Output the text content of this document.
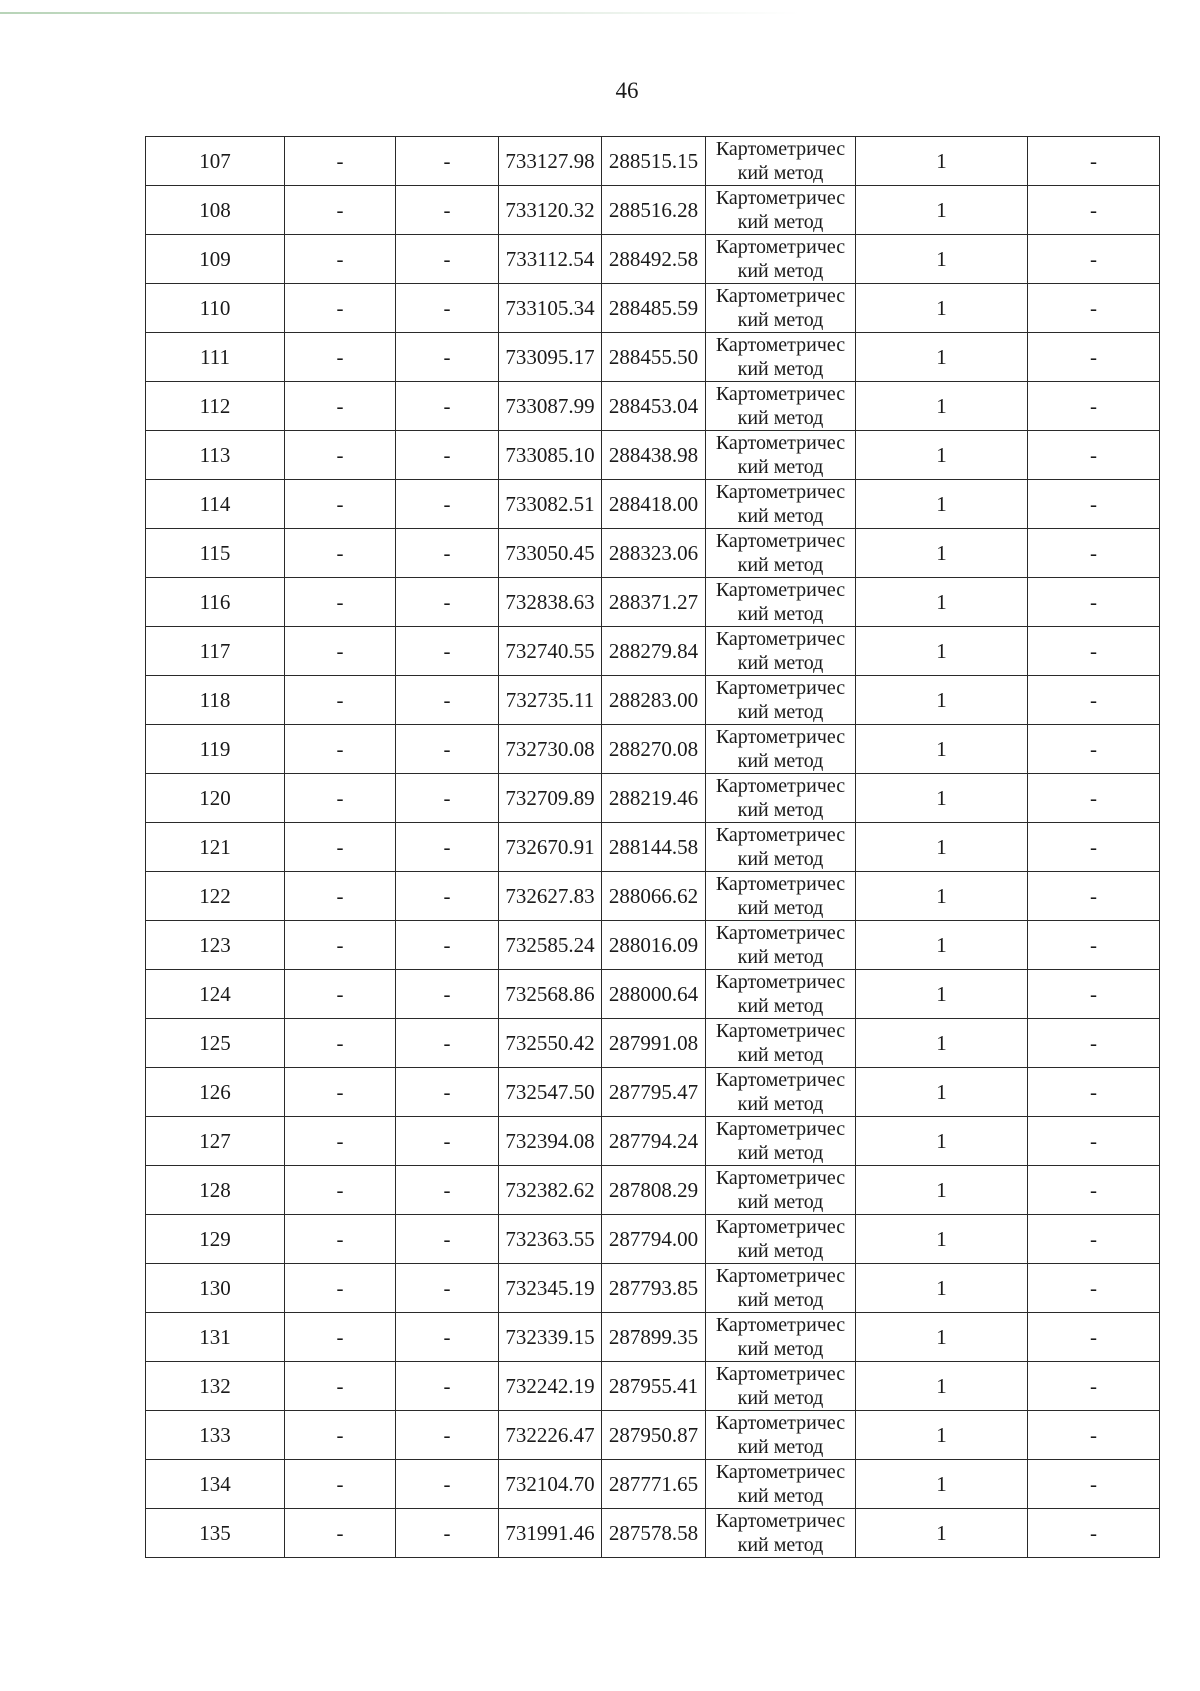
46
107	-	-	733127.98	288515.15	Картометричес
кий метод	1	-
108	-	-	733120.32	288516.28	Картометричес
кий метод	1	-
109	-	-	733112.54	288492.58	Картометричес
кий метод	1	-
110	-	-	733105.34	288485.59	Картометричес
кий метод	1	-
111	-	-	733095.17	288455.50	Картометричес
кий метод	1	-
112	-	-	733087.99	288453.04	Картометричес
кий метод	1	-
113	-	-	733085.10	288438.98	Картометричес
кий метод	1	-
114	-	-	733082.51	288418.00	Картометричес
кий метод	1	-
115	-	-	733050.45	288323.06	Картометричес
кий метод	1	-
116	-	-	732838.63	288371.27	Картометричес
кий метод	1	-
117	-	-	732740.55	288279.84	Картометричес
кий метод	1	-
118	-	-	732735.11	288283.00	Картометричес
кий метод	1	-
119	-	-	732730.08	288270.08	Картометричес
кий метод	1	-
120	-	-	732709.89	288219.46	Картометричес
кий метод	1	-
121	-	-	732670.91	288144.58	Картометричес
кий метод	1	-
122	-	-	732627.83	288066.62	Картометричес
кий метод	1	-
123	-	-	732585.24	288016.09	Картометричес
кий метод	1	-
124	-	-	732568.86	288000.64	Картометричес
кий метод	1	-
125	-	-	732550.42	287991.08	Картометричес
кий метод	1	-
126	-	-	732547.50	287795.47	Картометричес
кий метод	1	-
127	-	-	732394.08	287794.24	Картометричес
кий метод	1	-
128	-	-	732382.62	287808.29	Картометричес
кий метод	1	-
129	-	-	732363.55	287794.00	Картометричес
кий метод	1	-
130	-	-	732345.19	287793.85	Картометричес
кий метод	1	-
131	-	-	732339.15	287899.35	Картометричес
кий метод	1	-
132	-	-	732242.19	287955.41	Картометричес
кий метод	1	-
133	-	-	732226.47	287950.87	Картометричес
кий метод	1	-
134	-	-	732104.70	287771.65	Картометричес
кий метод	1	-
135	-	-	731991.46	287578.58	Картометричес
кий метод	1	-
